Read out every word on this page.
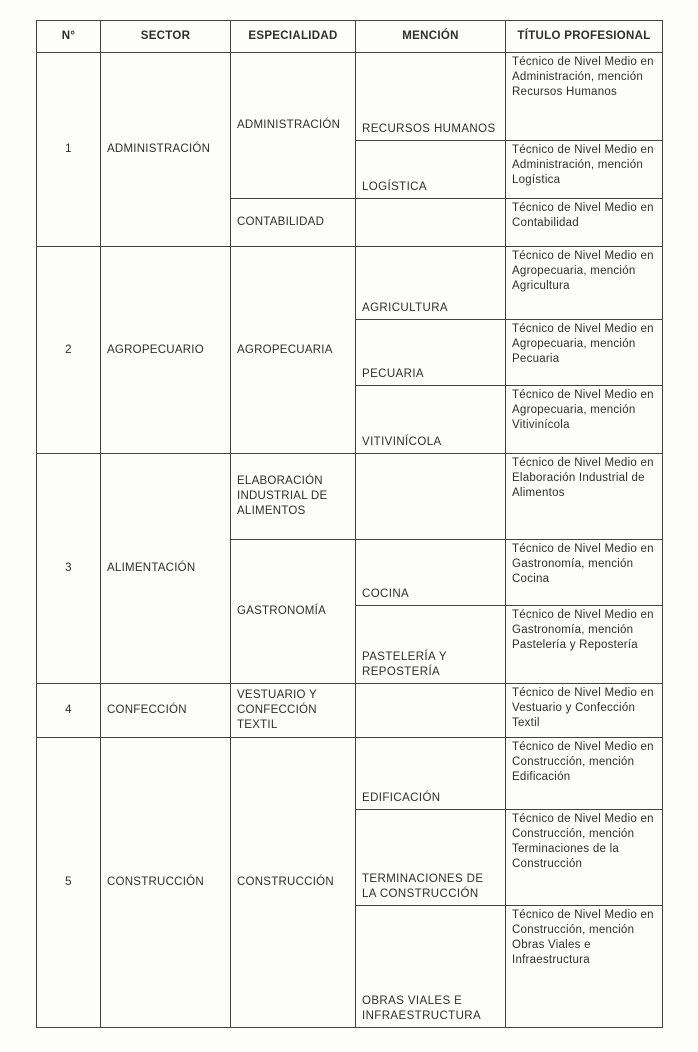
N°	SECTOR	ESPECIALIDAD	MENCIÓN	TÍTULO PROFESIONAL
1	ADMINISTRACIÓN	ADMINISTRACIÓN	RECURSOS HUMANOS	Técnico de Nivel Medio en Administración, mención Recursos Humanos
			LOGÍSTICA	Técnico de Nivel Medio en Administración, mención Logística
		CONTABILIDAD		Técnico de Nivel Medio en Contabilidad
2	AGROPECUARIO	AGROPECUARIA	AGRICULTURA	Técnico de Nivel Medio en Agropecuaria, mención Agricultura
			PECUARIA	Técnico de Nivel Medio en Agropecuaria, mención Pecuaria
			VITIVINÍCOLA	Técnico de Nivel Medio en Agropecuaria, mención Vitivinícola
3	ALIMENTACIÓN	ELABORACIÓN INDUSTRIAL DE ALIMENTOS		Técnico de Nivel Medio en Elaboración Industrial de Alimentos
		GASTRONOMÍA	COCINA	Técnico de Nivel Medio en Gastronomía, mención Cocina
			PASTELERÍA Y REPOSTERÍA	Técnico de Nivel Medio en Gastronomía, mención Pastelería y Repostería
4	CONFECCIÓN	VESTUARIO Y CONFECCIÓN TEXTIL		Técnico de Nivel Medio en Vestuario y Confección Textil
5	CONSTRUCCIÓN	CONSTRUCCIÓN	EDIFICACIÓN	Técnico de Nivel Medio en Construcción, mención Edificación
			TERMINACIONES DE LA CONSTRUCCIÓN	Técnico de Nivel Medio en Construcción, mención Terminaciones de la Construcción
			OBRAS VIALES E INFRAESTRUCTURA	Técnico de Nivel Medio en Construcción, mención Obras Viales e Infraestructura
